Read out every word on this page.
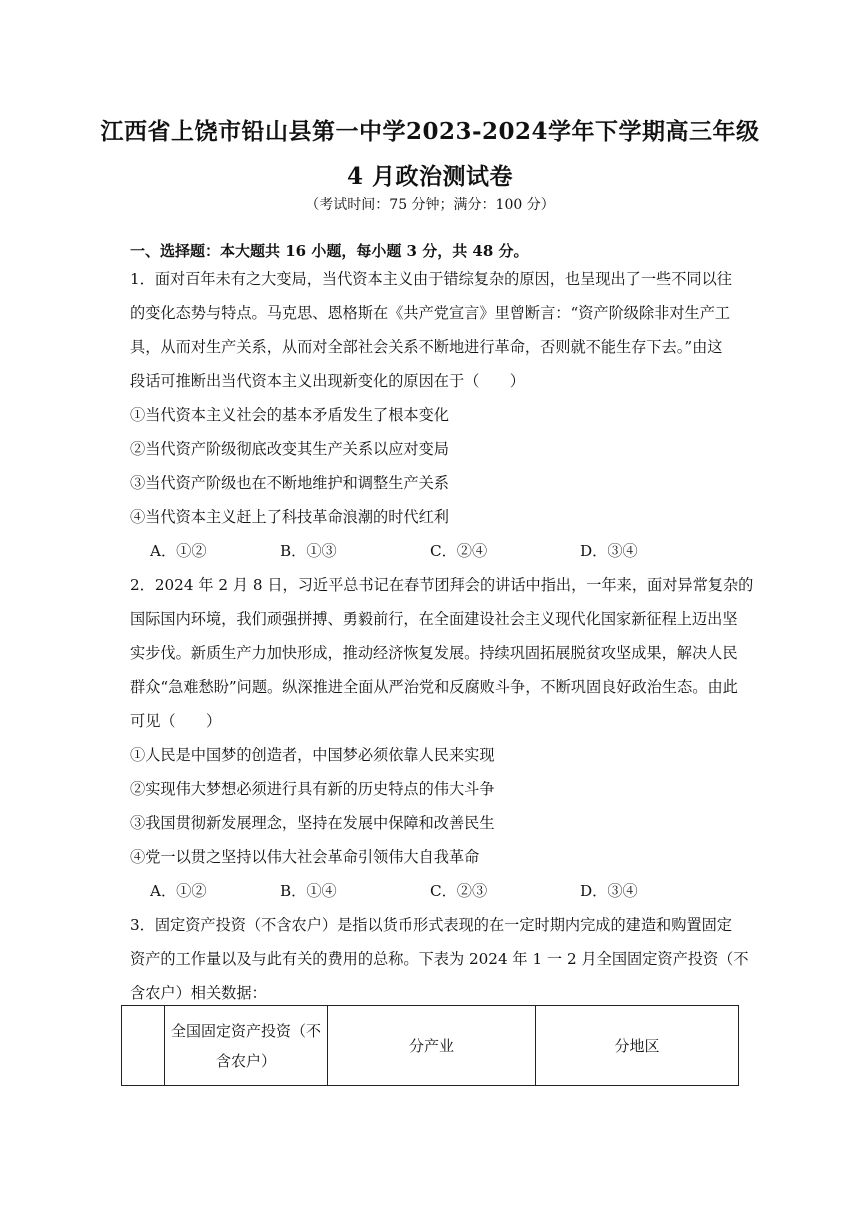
江西省上饶市铅山县第一中学2023-2024学年下学期高三年级
4 月政治测试卷
（考试时间：75 分钟；满分：100 分）
一、选择题：本大题共 16 小题，每小题 3 分，共 48 分。
1．面对百年未有之大变局，当代资本主义由于错综复杂的原因，也呈现出了一些不同以往
的变化态势与特点。马克思、恩格斯在《共产党宣言》里曾断言：“资产阶级除非对生产工
具，从而对生产关系，从而对全部社会关系不断地进行革命，否则就不能生存下去。”由这
段话可推断出当代资本主义出现新变化的原因在于（　　）
①当代资本主义社会的基本矛盾发生了根本变化
②当代资产阶级彻底改变其生产关系以应对变局
③当代资产阶级也在不断地维护和调整生产关系
④当代资本主义赶上了科技革命浪潮的时代红利
A．①②	B．①③	C．②④	D．③④
2．2024 年 2 月 8 日，习近平总书记在春节团拜会的讲话中指出，一年来，面对异常复杂的
国际国内环境，我们顽强拼搏、勇毅前行，在全面建设社会主义现代化国家新征程上迈出坚
实步伐。新质生产力加快形成，推动经济恢复发展。持续巩固拓展脱贫攻坚成果，解决人民
群众“急难愁盼”问题。纵深推进全面从严治党和反腐败斗争，不断巩固良好政治生态。由此
可见（　　）
①人民是中国梦的创造者，中国梦必须依靠人民来实现
②实现伟大梦想必须进行具有新的历史特点的伟大斗争
③我国贯彻新发展理念，坚持在发展中保障和改善民生
④党一以贯之坚持以伟大社会革命引领伟大自我革命
A．①②	B．①④	C．②③	D．③④
3．固定资产投资（不含农户）是指以货币形式表现的在一定时期内完成的建造和购置固定
资产的工作量以及与此有关的费用的总称。下表为 2024 年 1 一 2 月全国固定资产投资（不
含农户）相关数据：

全国固定资产投资（不
含农户）
	分产业	分地区
